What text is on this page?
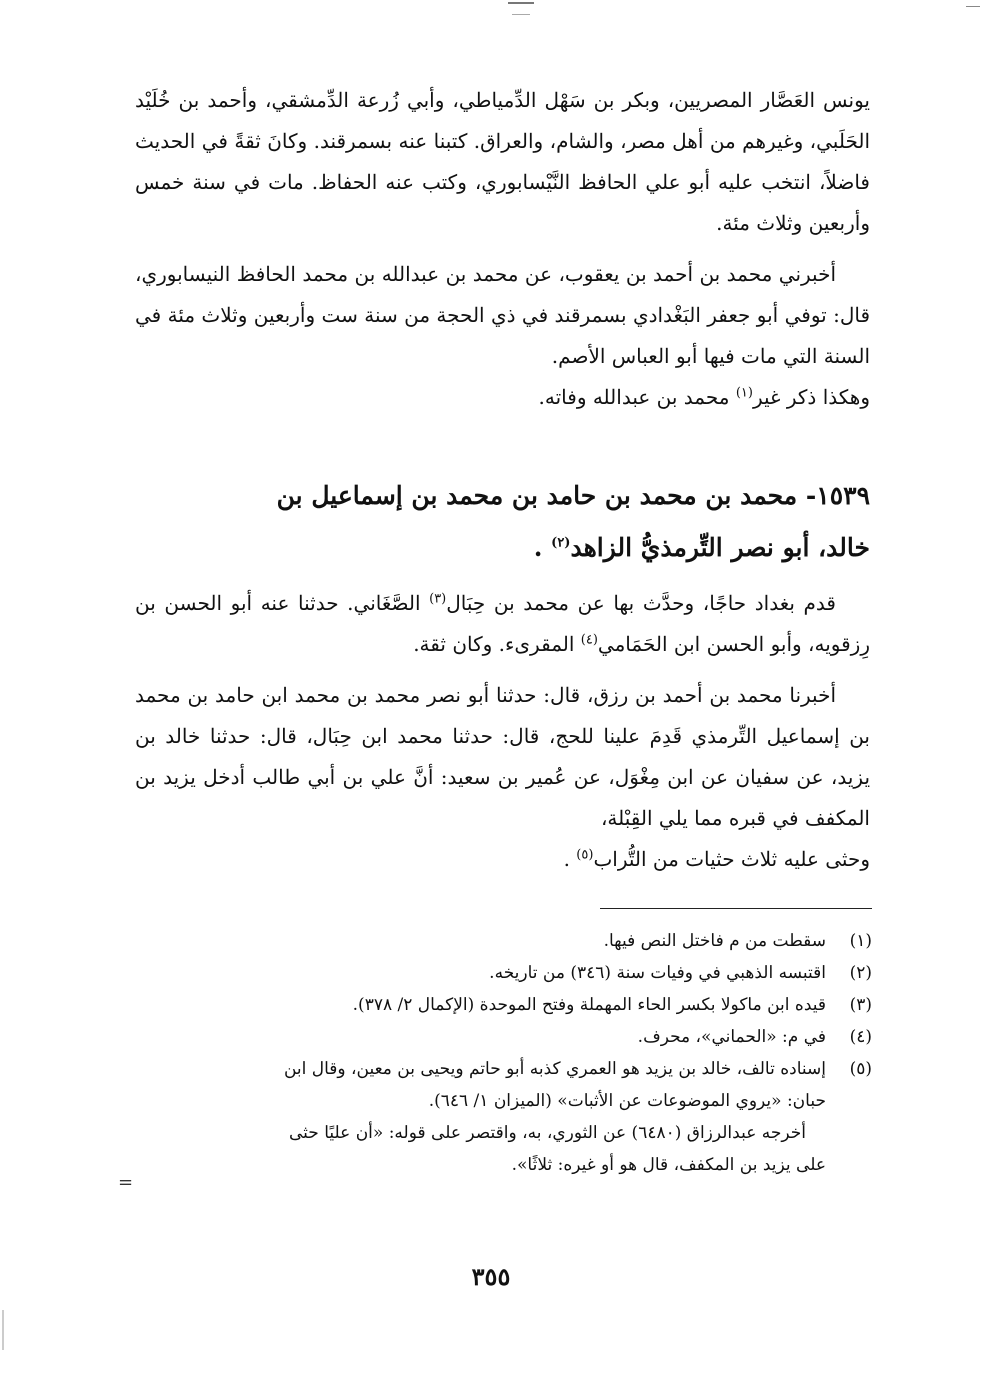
يونس العَصَّار المصريين، وبكر بن سَهْل الدِّمياطي، وأبي زُرعة الدِّمشقي، وأحمد بن خُلَيْد الحَلَبي، وغيرهم من أهل مصر، والشام، والعراق. كتبنا عنه بسمرقند. وكانَ ثقةً في الحديث فاضلاً، انتخب عليه أبو علي الحافظ النَّيْسابوري، وكتب عنه الحفاظ. مات في سنة خمس وأربعين وثلاث مئة.

أخبرني محمد بن أحمد بن يعقوب، عن محمد بن عبدالله بن محمد الحافظ النيسابوري، قال: توفي أبو جعفر البَغْدادي بسمرقند في ذي الحجة من سنة ست وأربعين وثلاث مئة في السنة التي مات فيها أبو العباس الأصم.
وهكذا ذكر غير$^{(١)}$ محمد بن عبدالله وفاته.

١٥٣٩- محمد بن محمد بن حامد بن محمد بن إسماعيل بن
خالد، أبو نصر التِّرمذيُّ الزاهد$^{(٢)}$ .

قدم بغداد حاجًا، وحدَّث بها عن محمد بن حِبَال$^{(٣)}$ الصَّغَاني. حدثنا عنه أبو الحسن بن رِزقويه، وأبو الحسن ابن الحَمَامي$^{(٤)}$ المقرىء. وكان ثقة.

أخبرنا محمد بن أحمد بن رزق، قال: حدثنا أبو نصر محمد بن محمد ابن حامد بن محمد بن إسماعيل التِّرمذي قَدِمَ علينا للحج، قال: حدثنا محمد ابن حِبَال، قال: حدثنا خالد بن يزيد، عن سفيان عن ابن مِغْوَل، عن عُمير بن سعيد: أنَّ علي بن أبي طالب أدخل يزيد بن المكفف في قبره مما يلي القِبْلة،
وحثى عليه ثلاث حثيات من التُّراب$^{(٥)}$ .

(١)
سقطت من م فاختل النص فيها.

(٢)
اقتبسه الذهبي في وفيات سنة (٣٤٦) من تاريخه.

(٣)
قيده ابن ماكولا بكسر الحاء المهملة وفتح الموحدة (الإكمال ٢/ ٣٧٨).

(٤)
في م: «الحماني»، محرف.

(٥)
إسناده تالف، خالد بن يزيد هو العمري كذبه أبو حاتم ويحيى بن معين، وقال ابن

حبان: «يروي الموضوعات عن الأثبات» (الميزان ١/ ٦٤٦).

أخرجه عبدالرزاق (٦٤٨٠) عن الثوري، به، واقتصر على قوله: «أن عليًا حثى

على يزيد بن المكفف، قال هو أو غيره: ثلاثًا».

=
٣٥٥
